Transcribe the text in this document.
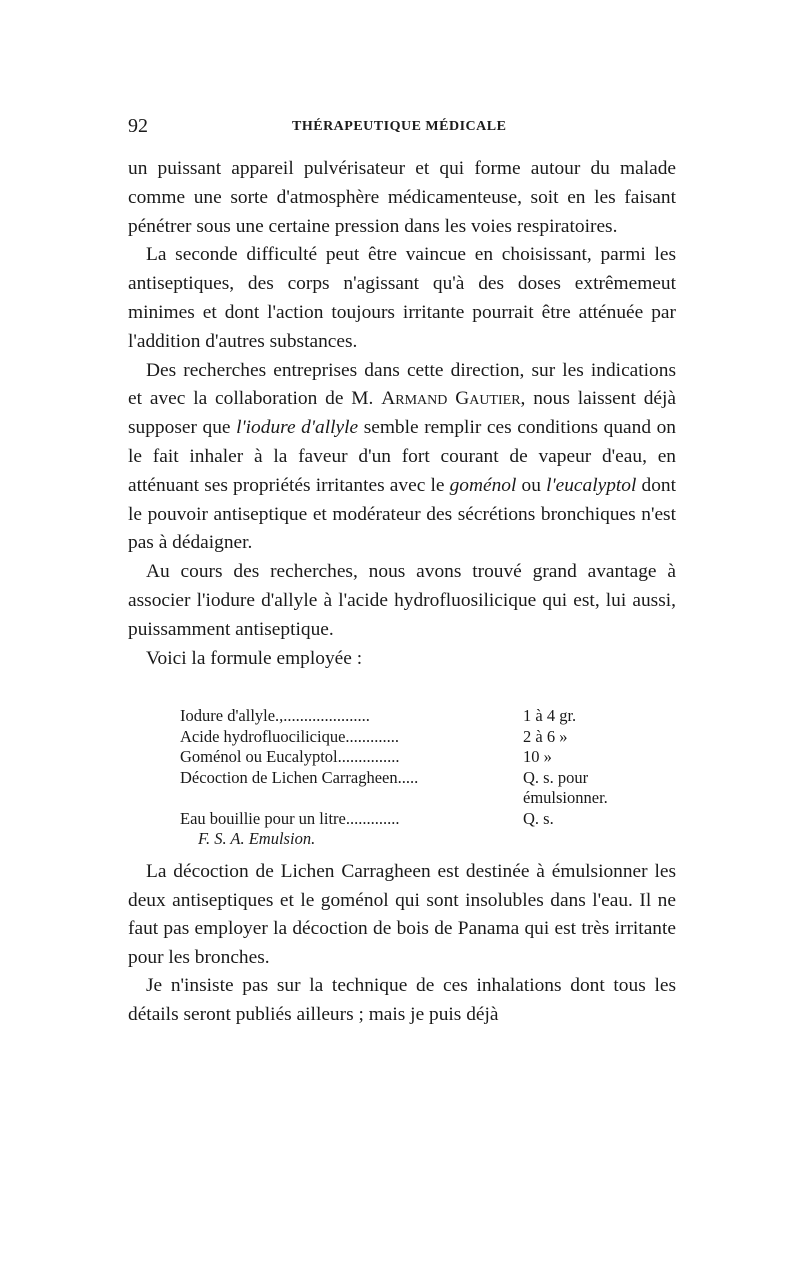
92	THÉRAPEUTIQUE MÉDICALE

un puissant appareil pulvérisateur et qui forme autour du malade comme une sorte d'atmosphère médicamenteuse, soit en les faisant pénétrer sous une certaine pression dans les voies respiratoires.

La seconde difficulté peut être vaincue en choisissant, parmi les antiseptiques, des corps n'agissant qu'à des doses extrêmemeut minimes et dont l'action toujours irritante pourrait être atténuée par l'addition d'autres substances.

Des recherches entreprises dans cette direction, sur les indications et avec la collaboration de M. Armand Gautier, nous laissent déjà supposer que l'iodure d'allyle semble remplir ces conditions quand on le fait inhaler à la faveur d'un fort courant de vapeur d'eau, en atténuant ses propriétés irritantes avec le goménol ou l'eucalyptol dont le pouvoir antiseptique et modérateur des sécrétions bronchiques n'est pas à dédaigner.

Au cours des recherches, nous avons trouvé grand avantage à associer l'iodure d'allyle à l'acide hydrofluosilicique qui est, lui aussi, puissamment antiseptique.

Voici la formule employée :

Iodure d'allyle.,.....................	1 à 4 gr.
Acide hydrofluocilicique.............	2 à 6 »
Goménol ou Eucalyptol...............	10 »
Décoction de Lichen Carragheen.....	Q. s. pour émulsionner.
Eau bouillie pour un litre.............	Q. s.
F. S. A. Emulsion.

La décoction de Lichen Carragheen est destinée à émulsionner les deux antiseptiques et le goménol qui sont insolubles dans l'eau. Il ne faut pas employer la décoction de bois de Panama qui est très irritante pour les bronches.

Je n'insiste pas sur la technique de ces inhalations dont tous les détails seront publiés ailleurs ; mais je puis déjà
